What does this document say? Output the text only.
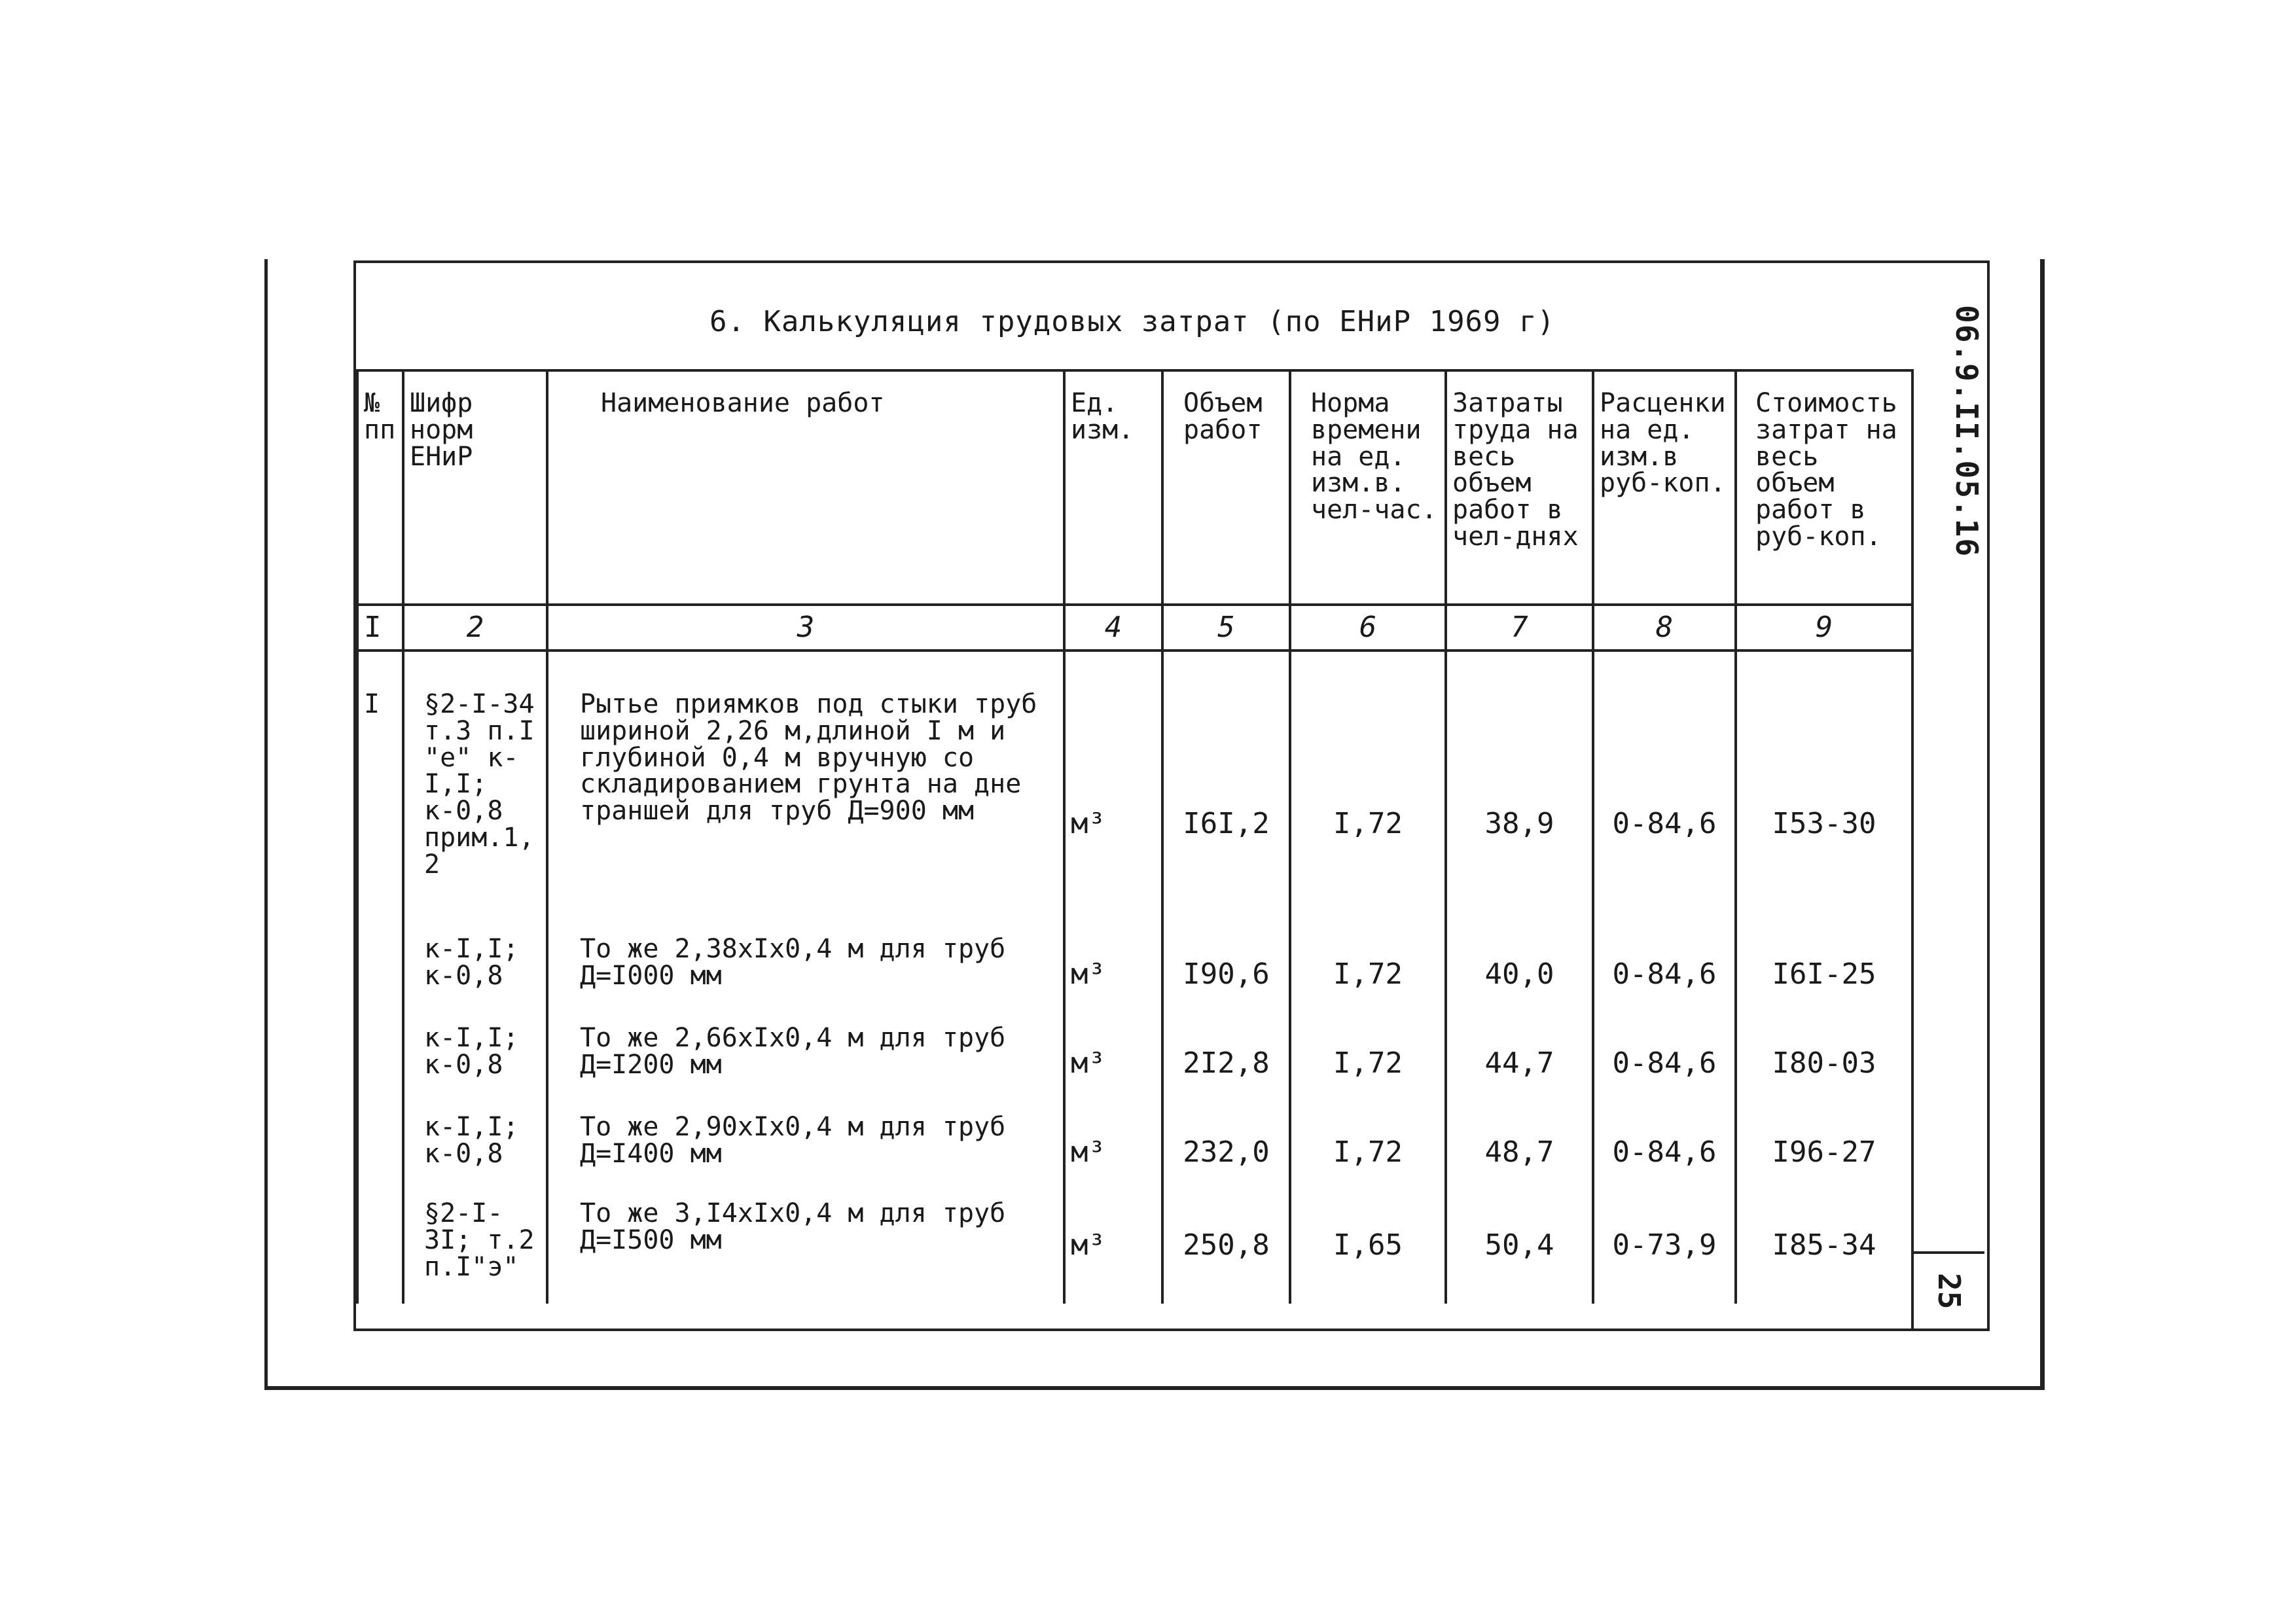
6. Калькуляция трудовых затрат (по ЕНиР 1969 г)	06.9.II.05.16
25
№ пп	Шифр норм ЕНиР	Наименование работ	Ед. изм.	Объем работ	Норма времени на ед. изм.в. чел-час.	Затраты труда на весь объем работ в чел-днях	Расценки на ед. изм.в руб-коп.	Стоимость затрат на весь объем работ в руб-коп.
I	2	3	4	5	6	7	8	9
I	§2-I-34 т.3 п.I "е" к-I,I; к-0,8 прим.1, 2	Рытье приямков под стыки труб шириной 2,26 м,длиной I м и глубиной 0,4 м вручную со складированием грунта на дне траншей для труб Д=900 мм	м³	I6I,2	I,72	38,9	0-84,6	I53-30
	к-I,I; к-0,8	То же 2,38хIх0,4 м для труб Д=I000 мм	м³	I90,6	I,72	40,0	0-84,6	I6I-25
	к-I,I; к-0,8	То же 2,66хIх0,4 м для труб Д=I200 мм	м³	2I2,8	I,72	44,7	0-84,6	I80-03
	к-I,I; к-0,8	То же 2,90хIх0,4 м для труб Д=I400 мм	м³	232,0	I,72	48,7	0-84,6	I96-27
	§2-I-3I; т.2 п.I"э"	То же 3,I4хIх0,4 м для труб Д=I500 мм	м³	250,8	I,65	50,4	0-73,9	I85-34
